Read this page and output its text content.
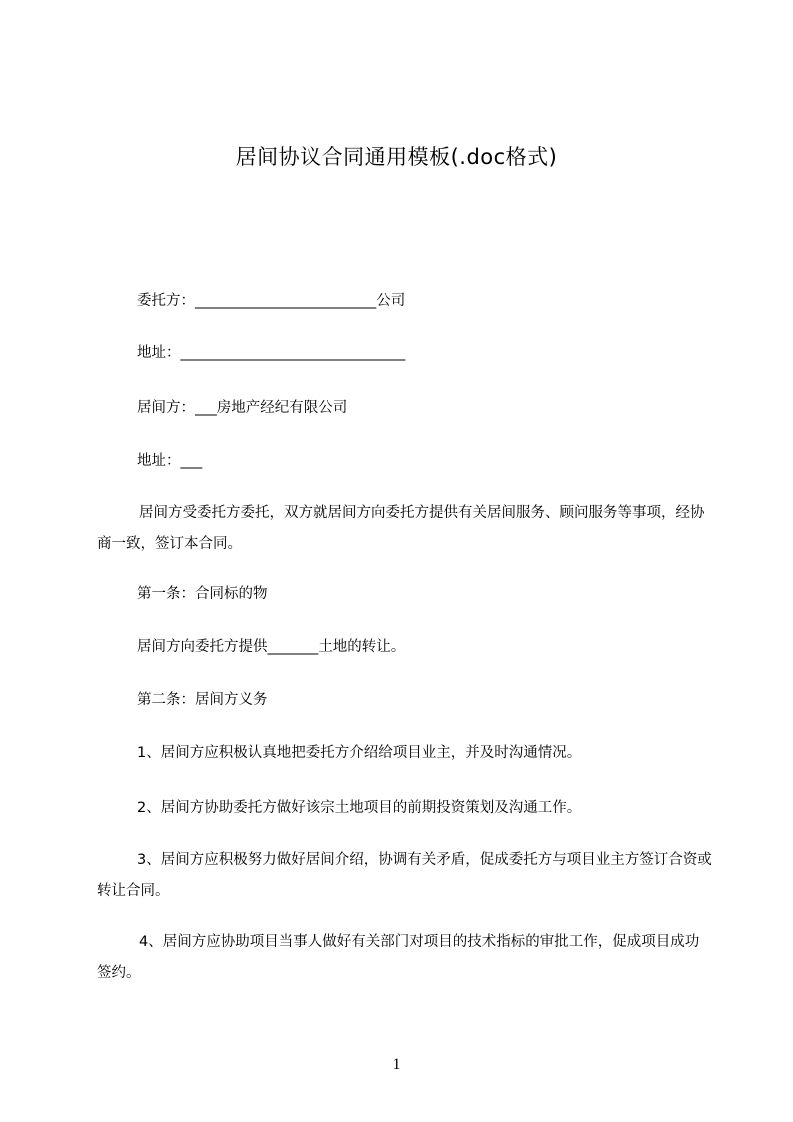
居间协议合同通用模板(.doc格式)
委托方：_________________________公司
地址：_______________________________
居间方：___房地产经纪有限公司
地址：___
居间方受委托方委托，双方就居间方向委托方提供有关居间服务、顾问服务等事项，经协商一致，签订本合同。
第一条：合同标的物
居间方向委托方提供_______土地的转让。
第二条：居间方义务
1、居间方应积极认真地把委托方介绍给项目业主，并及时沟通情况。
2、居间方协助委托方做好该宗土地项目的前期投资策划及沟通工作。
3、居间方应积极努力做好居间介绍，协调有关矛盾，促成委托方与项目业主方签订合资或转让合同。
4、居间方应协助项目当事人做好有关部门对项目的技术指标的审批工作，促成项目成功签约。
1
